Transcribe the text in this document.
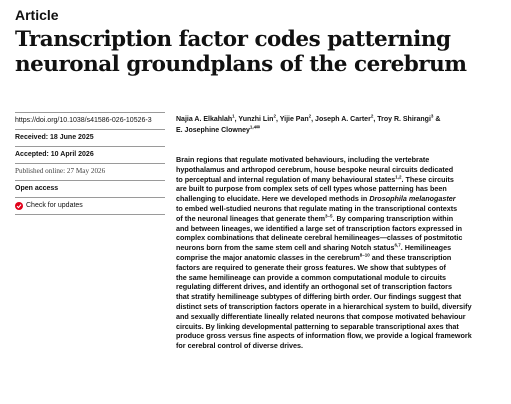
Article
Transcription factor codes patterning
neuronal groundplans of the cerebrum
https://doi.org/10.1038/s41586-026-10526-3
Received: 18 June 2025
Accepted: 10 April 2026
Published online: 27 May 2026
Open access
Check for updates
Najia A. Elkahlah$^1$, Yunzhi Lin$^2$, Yijie Pan$^2$, Joseph A. Carter$^2$, Troy R. Shirangi$^3$ &
E. Josephine Clowney$^{1,4✉}$
Brain regions that regulate motivated behaviours, including the vertebrate
hypothalamus and arthropod cerebrum, house bespoke neural circuits dedicated
to perceptual and internal regulation of many behavioural states$^{1,2}$. These circuits
are built to purpose from complex sets of cell types whose patterning has been
challenging to elucidate. Here we developed methods in Drosophila melanogaster
to embed well-studied neurons that regulate mating in the transcriptional contexts
of the neuronal lineages that generate them$^{3-5}$. By comparing transcription within
and between lineages, we identified a large set of transcription factors expressed in
complex combinations that delineate cerebral hemilineages—classes of postmitotic
neurons born from the same stem cell and sharing Notch status$^{6,7}$. Hemilineages
comprise the major anatomic classes in the cerebrum$^{8-10}$ and these transcription
factors are required to generate their gross features. We show that subtypes of
the same hemilineage can provide a common computational module to circuits
regulating different drives, and identify an orthogonal set of transcription factors
that stratify hemilineage subtypes of differing birth order. Our findings suggest that
distinct sets of transcription factors operate in a hierarchical system to build, diversify
and sexually differentiate lineally related neurons that compose motivated behaviour
circuits. By linking developmental patterning to separable transcriptional axes that
produce gross versus fine aspects of information flow, we provide a logical framework
for cerebral control of diverse drives.
